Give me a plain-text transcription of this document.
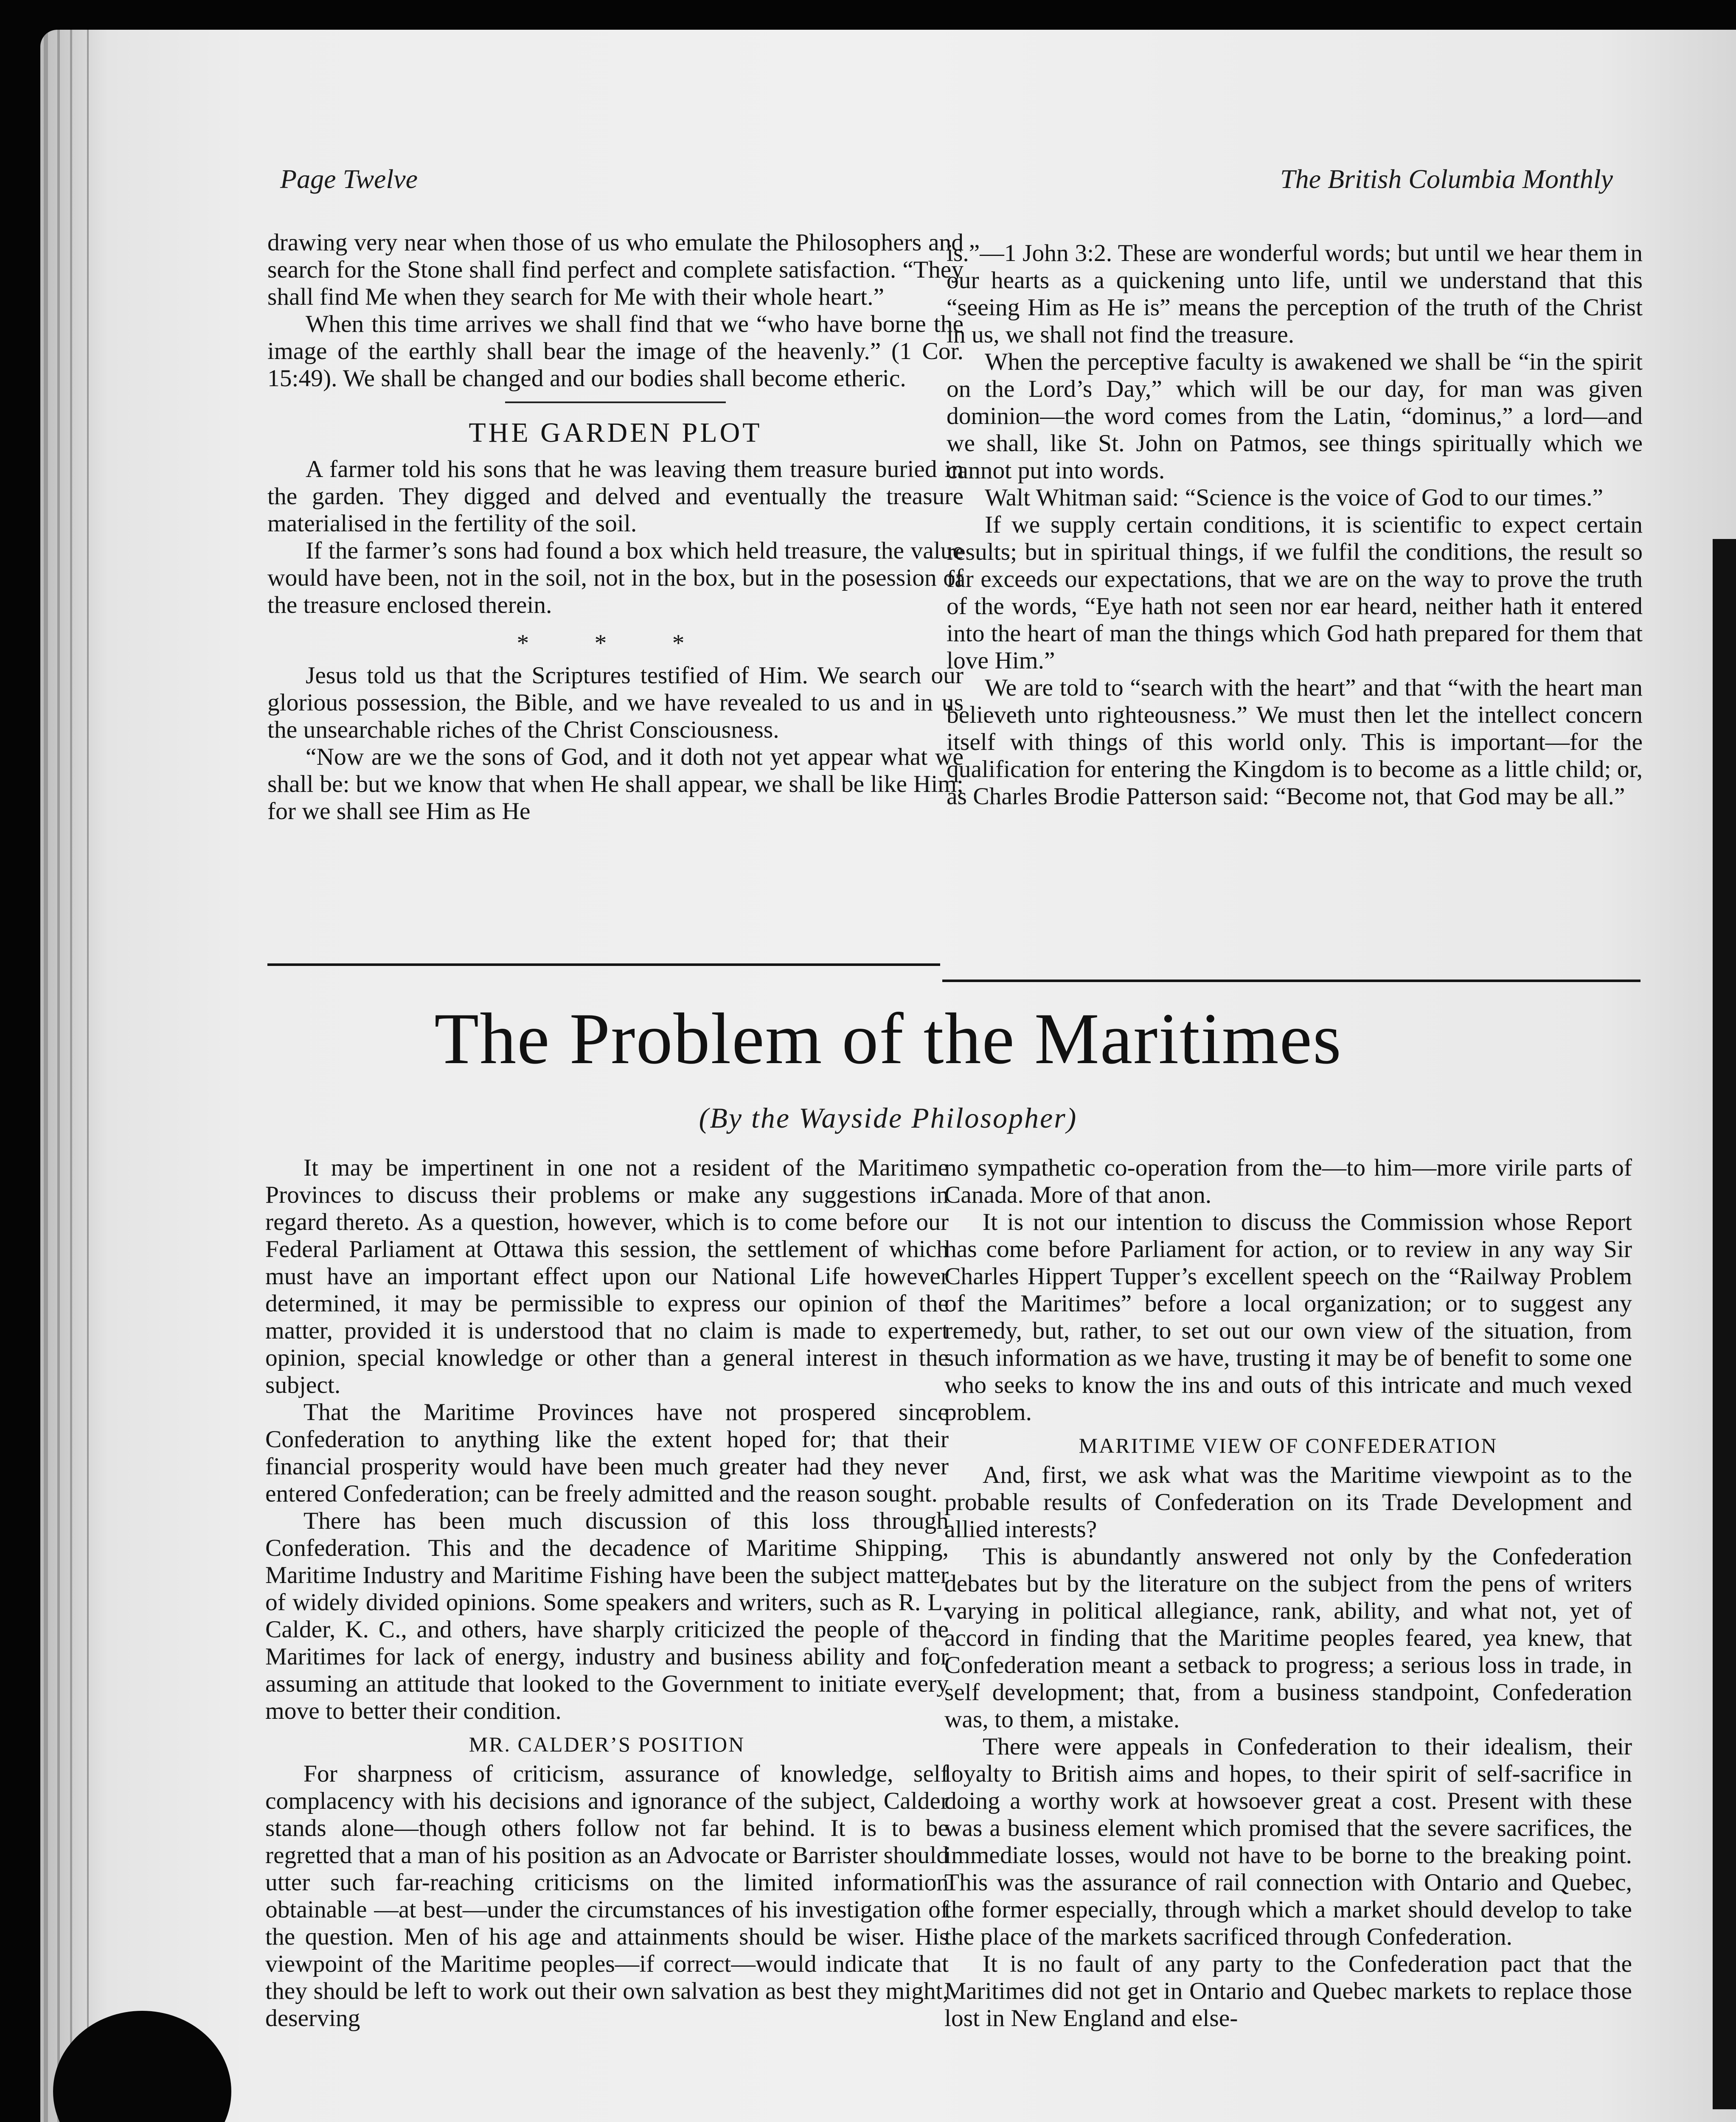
Page Twelve	The British Columbia Monthly

drawing very near when those of us who emulate the Philosophers and search for the Stone shall find perfect and complete satisfaction. “They shall find Me when they search for Me with their whole heart.”

When this time arrives we shall find that we “who have borne the image of the earthly shall bear the image of the heavenly.” (1 Cor. 15:49). We shall be changed and our bodies shall become etheric.

THE GARDEN PLOT

A farmer told his sons that he was leaving them treasure buried in the garden. They digged and delved and eventually the treasure materialised in the fertility of the soil.

If the farmer’s sons had found a box which held treasure, the value would have been, not in the soil, not in the box, but in the posession of the treasure enclosed therein.

* * *

Jesus told us that the Scriptures testified of Him. We search our glorious possession, the Bible, and we have revealed to us and in us the unsearchable riches of the Christ Consciousness.

“Now are we the sons of God, and it doth not yet appear what we shall be: but we know that when He shall appear, we shall be like Him; for we shall see Him as He

is.”—1 John 3:2. These are wonderful words; but until we hear them in our hearts as a quickening unto life, until we understand that this “seeing Him as He is” means the perception of the truth of the Christ in us, we shall not find the treasure.

When the perceptive faculty is awakened we shall be “in the spirit on the Lord’s Day,” which will be our day, for man was given dominion—the word comes from the Latin, “dominus,” a lord—and we shall, like St. John on Patmos, see things spiritually which we cannot put into words.

Walt Whitman said: “Science is the voice of God to our times.”

If we supply certain conditions, it is scientific to expect certain results; but in spiritual things, if we fulfil the conditions, the result so far exceeds our expectations, that we are on the way to prove the truth of the words, “Eye hath not seen nor ear heard, neither hath it entered into the heart of man the things which God hath prepared for them that love Him.”

We are told to “search with the heart” and that “with the heart man believeth unto righteousness.” We must then let the intellect concern itself with things of this world only. This is important—for the qualification for entering the Kingdom is to become as a little child; or, as Charles Brodie Patterson said: “Become not, that God may be all.”

The Problem of the Maritimes
(By the Wayside Philosopher)

It may be impertinent in one not a resident of the Maritime Provinces to discuss their problems or make any suggestions in regard thereto. As a question, however, which is to come before our Federal Parliament at Ottawa this session, the settlement of which must have an important effect upon our National Life however determined, it may be permissible to express our opinion of the matter, provided it is understood that no claim is made to expert opinion, special knowledge or other than a general interest in the subject.

That the Maritime Provinces have not prospered since Confederation to anything like the extent hoped for; that their financial prosperity would have been much greater had they never entered Confederation; can be freely admitted and the reason sought.

There has been much discussion of this loss through Confederation. This and the decadence of Maritime Shipping, Maritime Industry and Maritime Fishing have been the subject matter of widely divided opinions. Some speakers and writers, such as R. L. Calder, K. C., and others, have sharply criticized the people of the Maritimes for lack of energy, industry and business ability and for assuming an attitude that looked to the Government to initiate every move to better their condition.

MR. CALDER’S POSITION

For sharpness of criticism, assurance of knowledge, self complacency with his decisions and ignorance of the subject, Calder stands alone—though others follow not far behind. It is to be regretted that a man of his position as an Advocate or Barrister should utter such far-reaching criticisms on the limited information obtainable —at best—under the circumstances of his investigation of the question. Men of his age and attainments should be wiser. His viewpoint of the Maritime peoples—if correct—would indicate that they should be left to work out their own salvation as best they might, deserving

no sympathetic co-operation from the—to him—more virile parts of Canada. More of that anon.

It is not our intention to discuss the Commission whose Report has come before Parliament for action, or to review in any way Sir Charles Hippert Tupper’s excellent speech on the “Railway Problem of the Maritimes” before a local organization; or to suggest any remedy, but, rather, to set out our own view of the situation, from such information as we have, trusting it may be of benefit to some one who seeks to know the ins and outs of this intricate and much vexed problem.

MARITIME VIEW OF CONFEDERATION

And, first, we ask what was the Maritime viewpoint as to the probable results of Confederation on its Trade Development and allied interests?

This is abundantly answered not only by the Confederation debates but by the literature on the subject from the pens of writers varying in political allegiance, rank, ability, and what not, yet of accord in finding that the Maritime peoples feared, yea knew, that Confederation meant a setback to progress; a serious loss in trade, in self development; that, from a business standpoint, Confederation was, to them, a mistake.

There were appeals in Confederation to their idealism, their loyalty to British aims and hopes, to their spirit of self-sacrifice in doing a worthy work at howsoever great a cost. Present with these was a business element which promised that the severe sacrifices, the immediate losses, would not have to be borne to the breaking point. This was the assurance of rail connection with Ontario and Quebec, the former especially, through which a market should develop to take the place of the markets sacrificed through Confederation.

It is no fault of any party to the Confederation pact that the Maritimes did not get in Ontario and Quebec markets to replace those lost in New England and else-
